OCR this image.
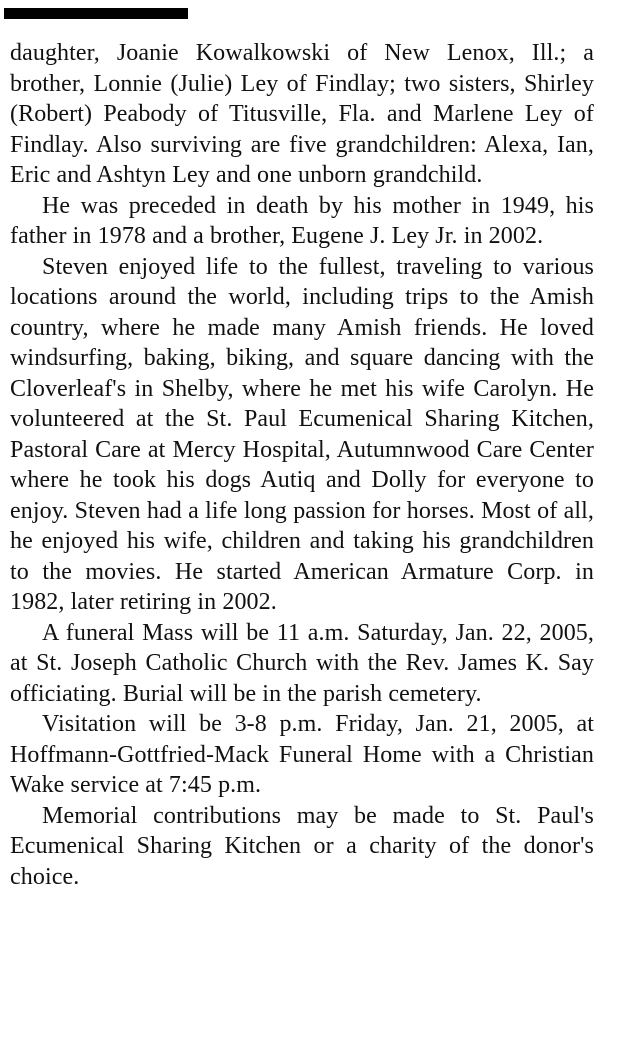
daughter, Joanie Kowalkowski of New Lenox, Ill.; a brother, Lonnie (Julie) Ley of Findlay; two sisters, Shirley (Robert) Peabody of Titusville, Fla. and Marlene Ley of Findlay. Also surviving are five grandchildren: Alexa, Ian, Eric and Ashtyn Ley and one unborn grandchild.

He was preceded in death by his mother in 1949, his father in 1978 and a brother, Eugene J. Ley Jr. in 2002.

Steven enjoyed life to the fullest, traveling to various locations around the world, including trips to the Amish country, where he made many Amish friends. He loved windsurfing, baking, biking, and square dancing with the Cloverleaf's in Shelby, where he met his wife Carolyn. He volunteered at the St. Paul Ecumenical Sharing Kitchen, Pastoral Care at Mercy Hospital, Autumnwood Care Center where he took his dogs Autiq and Dolly for everyone to enjoy. Steven had a life long passion for horses. Most of all, he enjoyed his wife, children and taking his grandchildren to the movies. He started American Armature Corp. in 1982, later retiring in 2002.

A funeral Mass will be 11 a.m. Saturday, Jan. 22, 2005, at St. Joseph Catholic Church with the Rev. James K. Say officiating. Burial will be in the parish cemetery.

Visitation will be 3-8 p.m. Friday, Jan. 21, 2005, at Hoffmann-Gottfried-Mack Funeral Home with a Christian Wake service at 7:45 p.m.

Memorial contributions may be made to St. Paul's Ecumenical Sharing Kitchen or a charity of the donor's choice.
